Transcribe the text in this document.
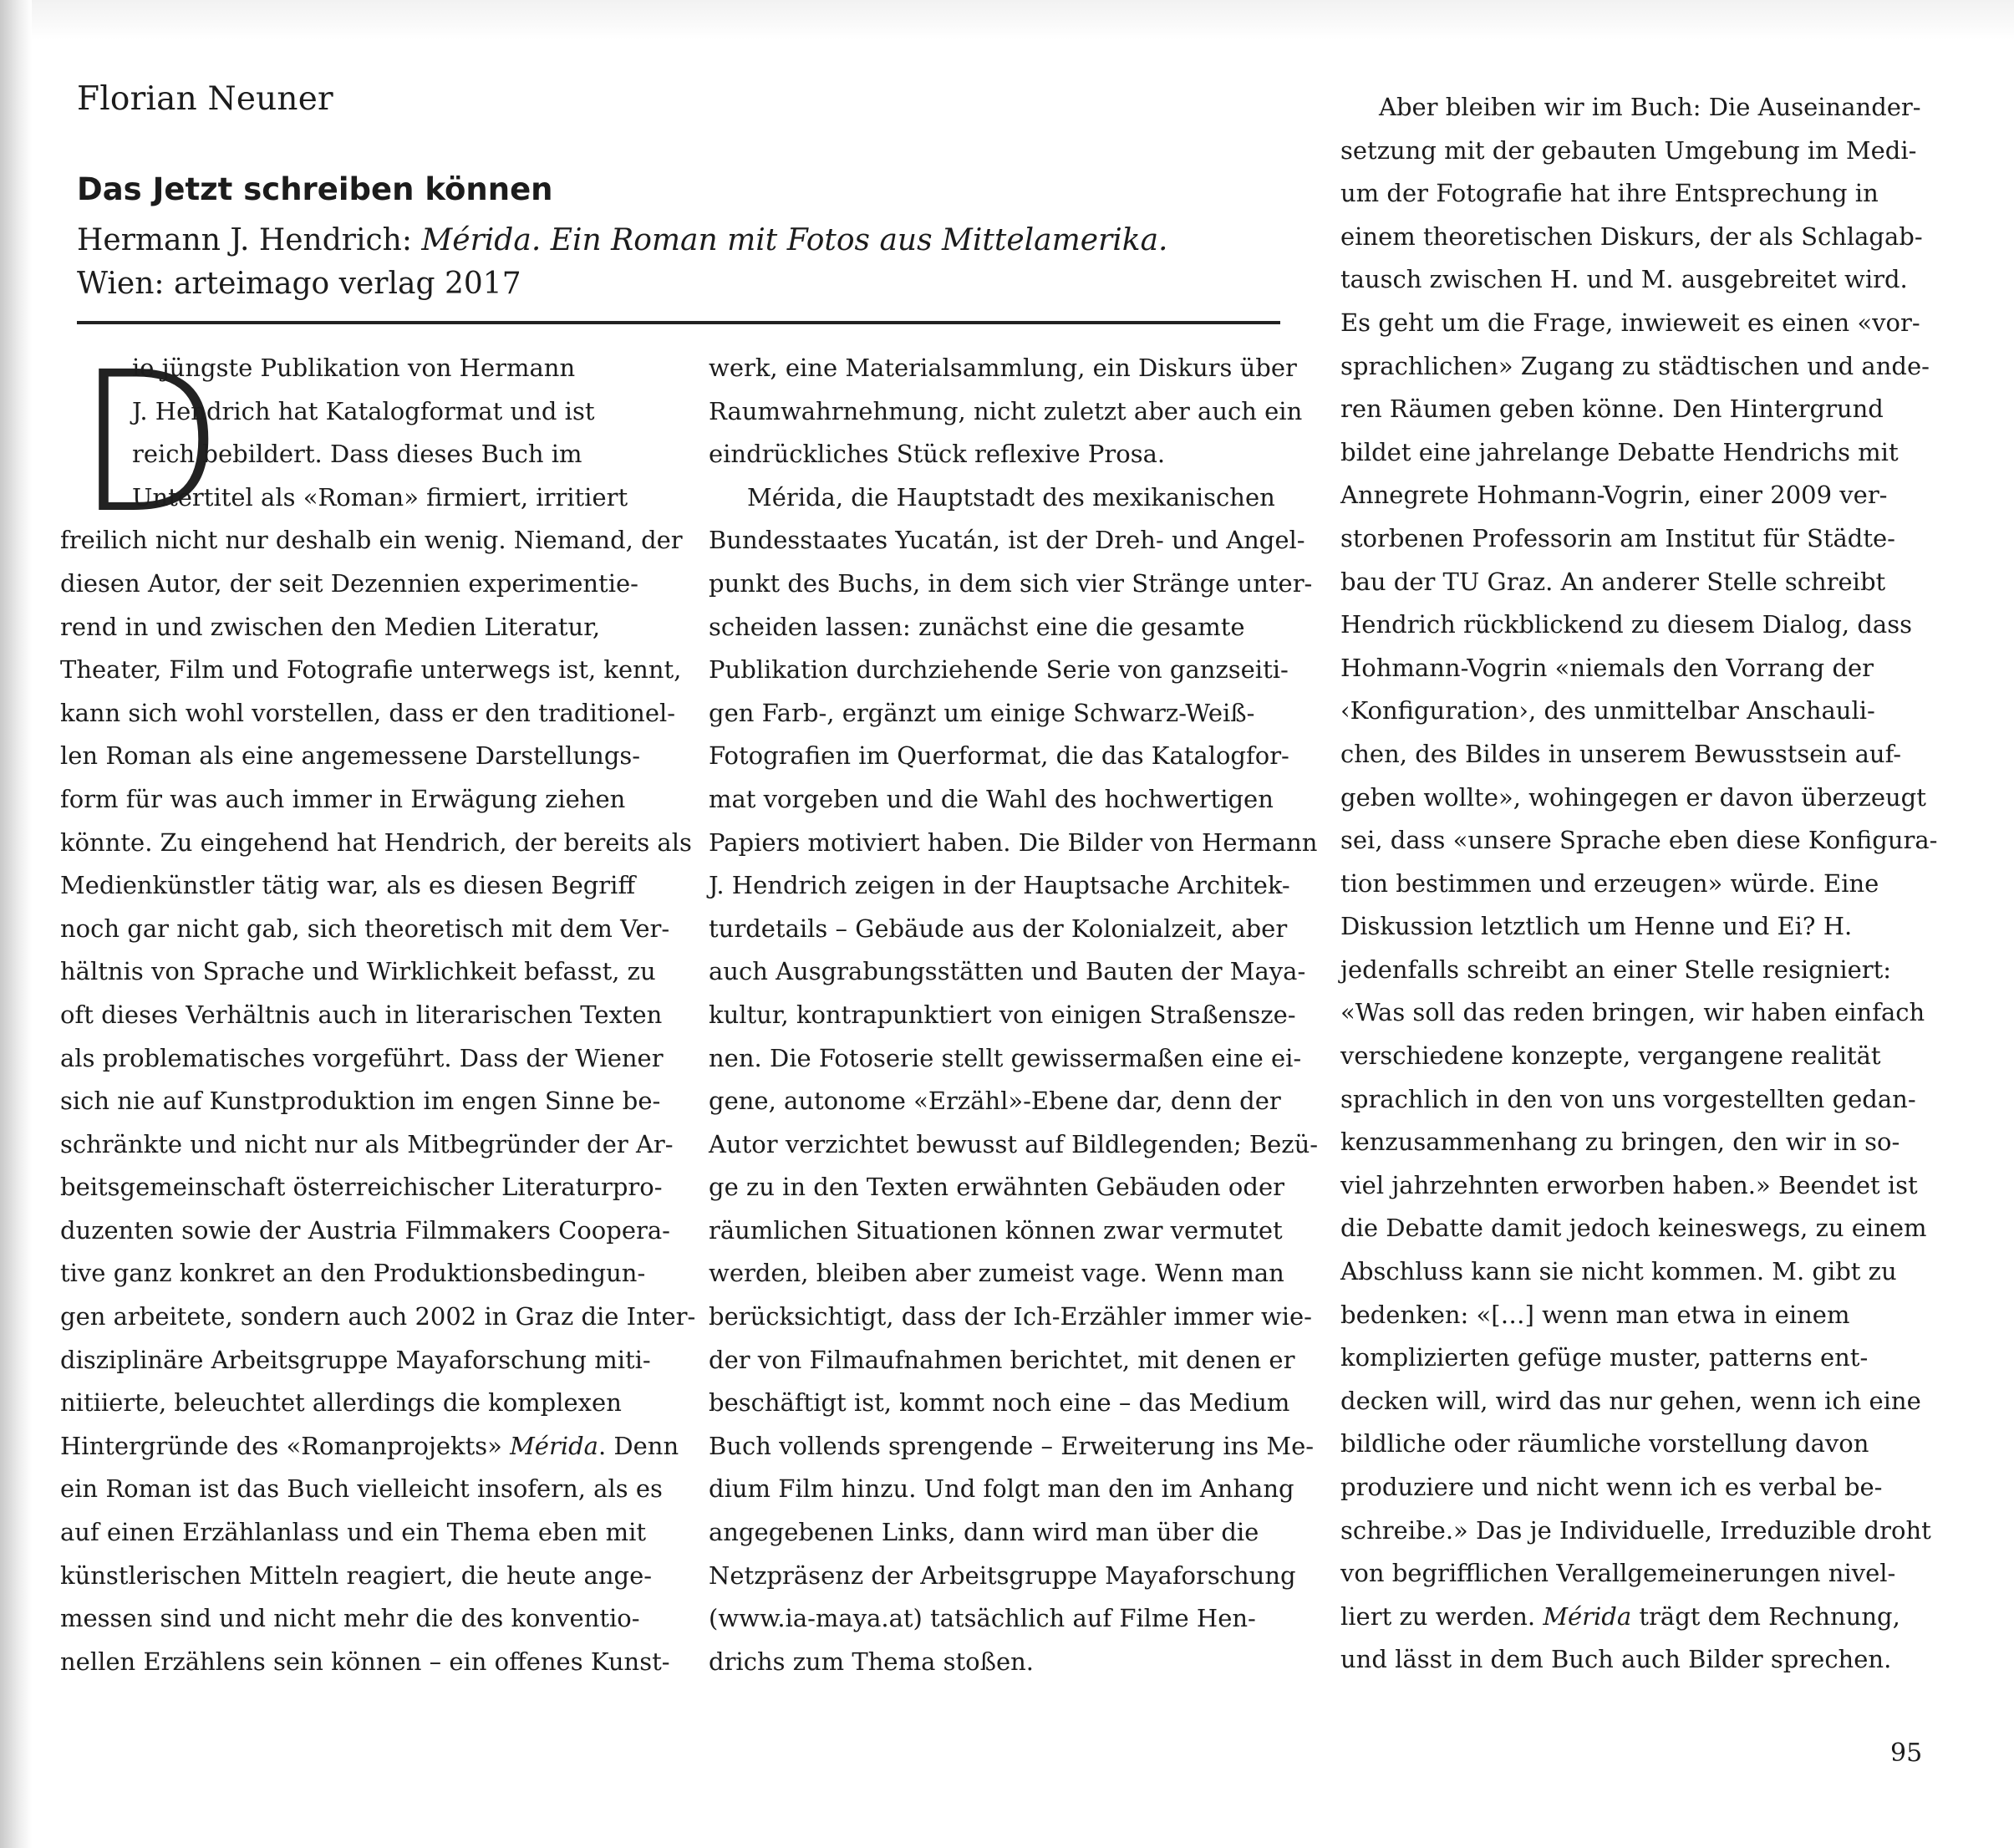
Florian Neuner
Das Jetzt schreiben können
Hermann J. Hendrich: Mérida. Ein Roman mit Fotos aus Mittelamerika.
Wien: arteimago verlag 2017
D
ie jüngste Publikation von Hermann
J. Hendrich hat Katalogformat und ist
reich bebildert. Dass dieses Buch im
Untertitel als «Roman» firmiert, irritiert
freilich nicht nur deshalb ein wenig. Niemand, der
diesen Autor, der seit Dezennien experimentie-
rend in und zwischen den Medien Literatur,
Theater, Film und Fotografie unterwegs ist, kennt,
kann sich wohl vorstellen, dass er den traditionel-
len Roman als eine angemessene Darstellungs-
form für was auch immer in Erwägung ziehen
könnte. Zu eingehend hat Hendrich, der bereits als
Medienkünstler tätig war, als es diesen Begriff
noch gar nicht gab, sich theoretisch mit dem Ver-
hältnis von Sprache und Wirklichkeit befasst, zu
oft dieses Verhältnis auch in literarischen Texten
als problematisches vorgeführt. Dass der Wiener
sich nie auf Kunstproduktion im engen Sinne be-
schränkte und nicht nur als Mitbegründer der Ar-
beitsgemeinschaft österreichischer Literaturpro-
duzenten sowie der Austria Filmmakers Coopera-
tive ganz konkret an den Produktionsbedingun-
gen arbeitete, sondern auch 2002 in Graz die Inter-
disziplinäre Arbeitsgruppe Mayaforschung miti-
nitiierte, beleuchtet allerdings die komplexen
Hintergründe des «Romanprojekts» Mérida. Denn
ein Roman ist das Buch vielleicht insofern, als es
auf einen Erzählanlass und ein Thema eben mit
künstlerischen Mitteln reagiert, die heute ange-
messen sind und nicht mehr die des konventio-
nellen Erzählens sein können – ein offenes Kunst-
werk, eine Materialsammlung, ein Diskurs über
Raumwahrnehmung, nicht zuletzt aber auch ein
eindrückliches Stück reflexive Prosa.
Mérida, die Hauptstadt des mexikanischen
Bundesstaates Yucatán, ist der Dreh- und Angel-
punkt des Buchs, in dem sich vier Stränge unter-
scheiden lassen: zunächst eine die gesamte
Publikation durchziehende Serie von ganzseiti-
gen Farb-, ergänzt um einige Schwarz-Weiß-
Fotografien im Querformat, die das Katalogfor-
mat vorgeben und die Wahl des hochwertigen
Papiers motiviert haben. Die Bilder von Hermann
J. Hendrich zeigen in der Hauptsache Architek-
turdetails – Gebäude aus der Kolonialzeit, aber
auch Ausgrabungsstätten und Bauten der Maya-
kultur, kontrapunktiert von einigen Straßensze-
nen. Die Fotoserie stellt gewissermaßen eine ei-
gene, autonome «Erzähl»-Ebene dar, denn der
Autor verzichtet bewusst auf Bildlegenden; Bezü-
ge zu in den Texten erwähnten Gebäuden oder
räumlichen Situationen können zwar vermutet
werden, bleiben aber zumeist vage. Wenn man
berücksichtigt, dass der Ich-Erzähler immer wie-
der von Filmaufnahmen berichtet, mit denen er
beschäftigt ist, kommt noch eine – das Medium
Buch vollends sprengende – Erweiterung ins Me-
dium Film hinzu. Und folgt man den im Anhang
angegebenen Links, dann wird man über die
Netzpräsenz der Arbeitsgruppe Mayaforschung
(www.ia-maya.at) tatsächlich auf Filme Hen-
drichs zum Thema stoßen.
Aber bleiben wir im Buch: Die Auseinander-
setzung mit der gebauten Umgebung im Medi-
um der Fotografie hat ihre Entsprechung in
einem theoretischen Diskurs, der als Schlagab-
tausch zwischen H. und M. ausgebreitet wird.
Es geht um die Frage, inwieweit es einen «vor-
sprachlichen» Zugang zu städtischen und ande-
ren Räumen geben könne. Den Hintergrund
bildet eine jahrelange Debatte Hendrichs mit
Annegrete Hohmann-Vogrin, einer 2009 ver-
storbenen Professorin am Institut für Städte-
bau der TU Graz. An anderer Stelle schreibt
Hendrich rückblickend zu diesem Dialog, dass
Hohmann-Vogrin «niemals den Vorrang der
‹Konfiguration›, des unmittelbar Anschauli-
chen, des Bildes in unserem Bewusstsein auf-
geben wollte», wohingegen er davon überzeugt
sei, dass «unsere Sprache eben diese Konfigura-
tion bestimmen und erzeugen» würde. Eine
Diskussion letztlich um Henne und Ei? H.
jedenfalls schreibt an einer Stelle resigniert:
«Was soll das reden bringen, wir haben einfach
verschiedene konzepte, vergangene realität
sprachlich in den von uns vorgestellten gedan-
kenzusammenhang zu bringen, den wir in so-
viel jahrzehnten erworben haben.» Beendet ist
die Debatte damit jedoch keineswegs, zu einem
Abschluss kann sie nicht kommen. M. gibt zu
bedenken: «[…] wenn man etwa in einem
komplizierten gefüge muster, patterns ent-
decken will, wird das nur gehen, wenn ich eine
bildliche oder räumliche vorstellung davon
produziere und nicht wenn ich es verbal be-
schreibe.» Das je Individuelle, Irreduzible droht
von begrifflichen Verallgemeinerungen nivel-
liert zu werden. Mérida trägt dem Rechnung,
und lässt in dem Buch auch Bilder sprechen.
95
